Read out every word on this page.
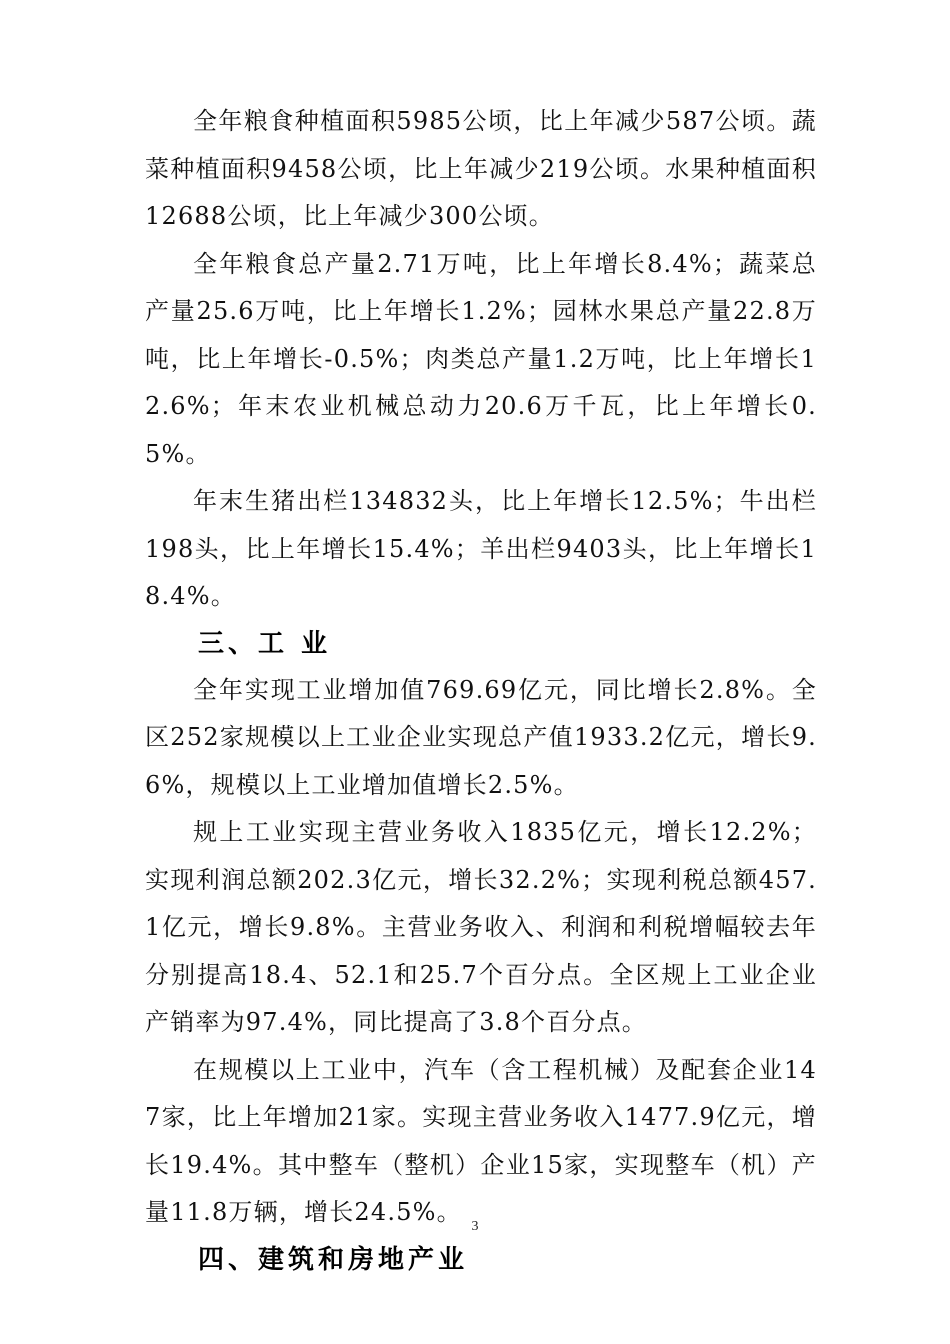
全年粮食种植面积5985公顷，比上年减少587公顷。蔬菜种植面积9458公顷，比上年减少219公顷。水果种植面积12688公顷，比上年减少300公顷。

全年粮食总产量2.71万吨，比上年增长8.4%；蔬菜总产量25.6万吨，比上年增长1.2%；园林水果总产量22.8万吨，比上年增长-0.5%；肉类总产量1.2万吨，比上年增长12.6%；年末农业机械总动力20.6万千瓦，比上年增长0.5%。

年末生猪出栏134832头，比上年增长12.5%；牛出栏198头，比上年增长15.4%；羊出栏9403头，比上年增长18.4%。

三、工 业

全年实现工业增加值769.69亿元，同比增长2.8%。全区252家规模以上工业企业实现总产值1933.2亿元，增长9.6%，规模以上工业增加值增长2.5%。

规上工业实现主营业务收入1835亿元，增长12.2%；实现利润总额202.3亿元，增长32.2%；实现利税总额457.1亿元，增长9.8%。主营业务收入、利润和利税增幅较去年分别提高18.4、52.1和25.7个百分点。全区规上工业企业产销率为97.4%，同比提高了3.8个百分点。

在规模以上工业中，汽车（含工程机械）及配套企业147家，比上年增加21家。实现主营业务收入1477.9亿元，增长19.4%。其中整车（整机）企业15家，实现整车（机）产量11.8万辆，增长24.5%。

四、建筑和房地产业
3
